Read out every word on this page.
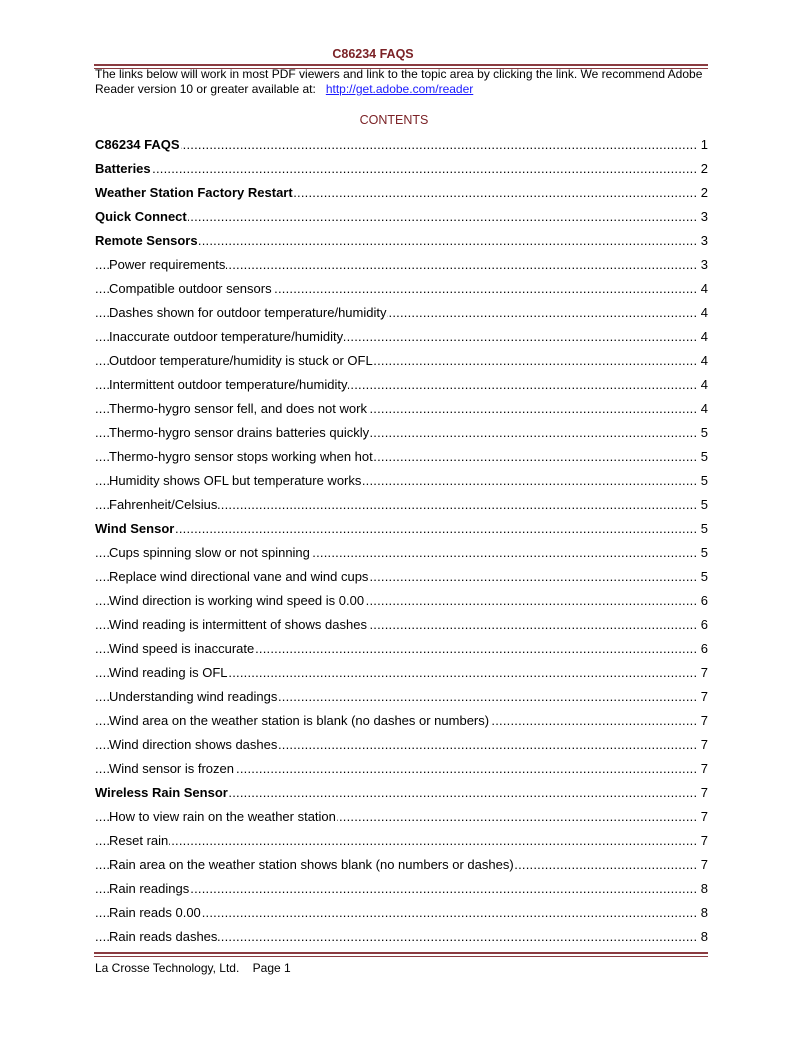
C86234 FAQS
The links below will work in most PDF viewers and link to the topic area by clicking the link. We recommend Adobe Reader version 10 or greater available at: http://get.adobe.com/reader
CONTENTS
.....
C86234 FAQS	1
.....
Batteries	2
.....
Weather Station Factory Restart	2
.....
Quick Connect	3
.....
Remote Sensors	3
.....
Power requirements	3
.....
Compatible outdoor sensors	4
.....
Dashes shown for outdoor temperature/humidity	4
.....
Inaccurate outdoor temperature/humidity	4
.....
Outdoor temperature/humidity is stuck or OFL	4
.....
Intermittent outdoor temperature/humidity	4
.....
Thermo-hygro sensor fell, and does not work	4
.....
Thermo-hygro sensor drains batteries quickly	5
.....
Thermo-hygro sensor stops working when hot	5
.....
Humidity shows OFL but temperature works	5
.....
Fahrenheit/Celsius	5
.....
Wind Sensor	5
.....
Cups spinning slow or not spinning	5
.....
Replace wind directional vane and wind cups	5
.....
Wind direction is working wind speed is 0.00	6
.....
Wind reading is intermittent of shows dashes	6
.....
Wind speed is inaccurate	6
.....
Wind reading is OFL	7
.....
Understanding wind readings	7
.....
Wind area on the weather station is blank (no dashes or numbers)	7
.....
Wind direction shows dashes	7
.....
Wind sensor is frozen	7
.....
Wireless Rain Sensor	7
.....
How to view rain on the weather station	7
.....
Reset rain	7
.....
Rain area on the weather station shows blank (no numbers or dashes)	7
.....
Rain readings	8
.....
Rain reads 0.00	8
.....
Rain reads dashes	8
La Crosse Technology, Ltd. Page 1
